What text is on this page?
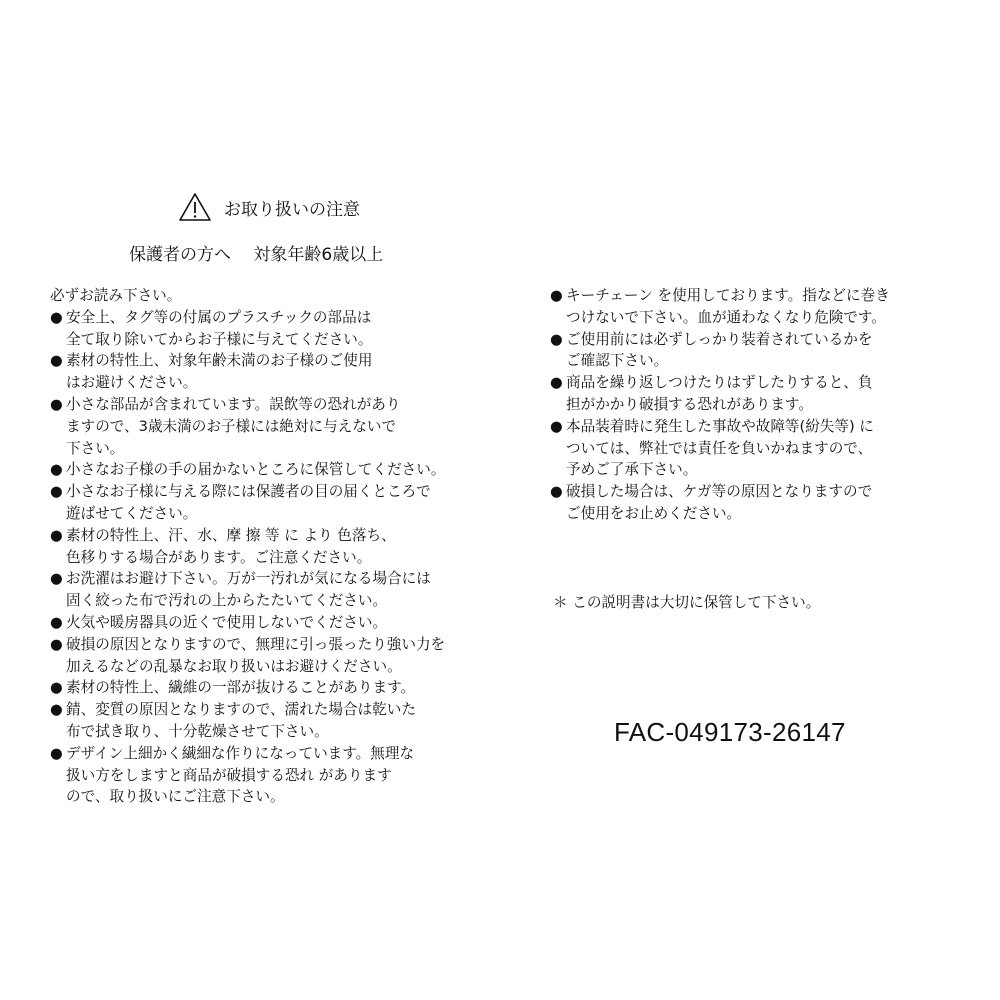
お取り扱いの注意
保護者の方へ　 対象年齢6歳以上
必ずお読み下さい。
● 安全上、タグ等の付属のプラスチックの部品は
全て取り除いてからお子様に与えてください。
● 素材の特性上、対象年齢未満のお子様のご使用
はお避けください。
● 小さな部品が含まれています。誤飲等の恐れがあり
ますので、3歳未満のお子様には絶対に与えないで
下さい。
● 小さなお子様の手の届かないところに保管してください。
● 小さなお子様に与える際には保護者の目の届くところで
遊ばせてください。
● 素材の特性上、汗、水、摩 擦 等 に より 色落ち、
色移りする場合があります。ご注意ください。
● お洗濯はお避け下さい。万が一汚れが気になる場合には
固く絞った布で汚れの上からたたいてください。
● 火気や暖房器具の近くで使用しないでください。
● 破損の原因となりますので、無理に引っ張ったり強い力を
加えるなどの乱暴なお取り扱いはお避けください。
● 素材の特性上、繊維の一部が抜けることがあります。
● 錆、変質の原因となりますので、濡れた場合は乾いた
布で拭き取り、十分乾燥させて下さい。
● デザイン上細かく繊細な作りになっています。無理な
扱い方をしますと商品が破損する恐れ があります
ので、取り扱いにご注意下さい。
● キーチェーン を使用しております。指などに巻き
つけないで下さい。血が通わなくなり危険です。
● ご使用前には必ずしっかり装着されているかを
ご確認下さい。
● 商品を繰り返しつけたりはずしたりすると、負
担がかかり破損する恐れがあります。
● 本品装着時に発生した事故や故障等(紛失等) に
ついては、弊社では責任を負いかねますので、
予めご了承下さい。
● 破損した場合は、ケガ等の原因となりますので
ご使用をお止めください。
＊ この説明書は大切に保管して下さい。
FAC-049173-26147
